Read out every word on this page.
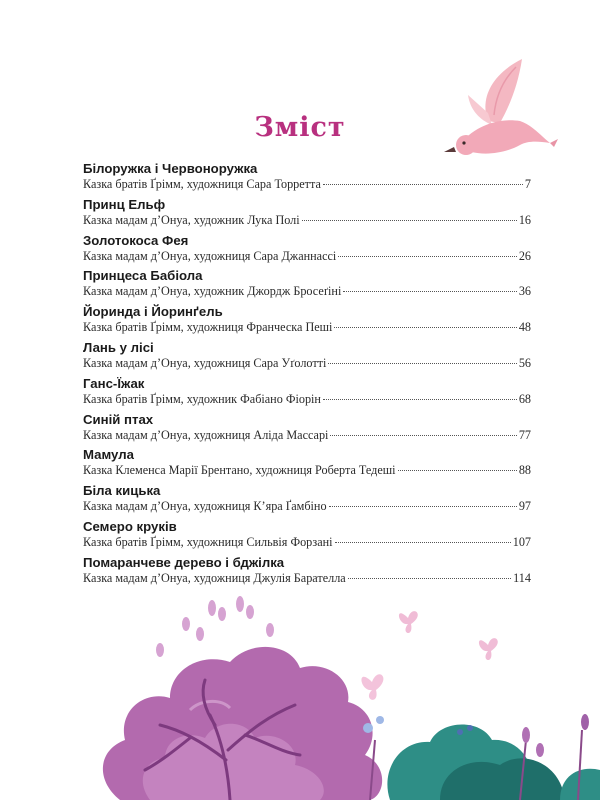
Зміст
Білоружка і Червоноружка
Казка братів Ґрімм, художниця Сара Торретта	7
Принц Ельф
Казка мадам д’Онуа, художник Лука Полі	16
Золотокоса Фея
Казка мадам д’Онуа, художниця Сара Джаннассі	26
Принцеса Бабіола
Казка мадам д’Онуа, художник Джордж Бросеґіні	36
Йоринда і Йоринґель
Казка братів Ґрімм, художниця Франческа Пеші	48
Лань у лісі
Казка мадам д’Онуа, художниця Сара Уґолотті	56
Ганс-Їжак
Казка братів Ґрімм, художник Фабіано Фіорін	68
Синій птах
Казка мадам д’Онуа, художниця Аліда Массарі	77
Мамула
Казка Клеменса Марії Брентано, художниця Роберта Тедеші	88
Біла кицька
Казка мадам д’Онуа, художниця К’яра Ґамбіно	97
Семеро круків
Казка братів Ґрімм, художниця Сильвія Форзані	107
Помаранчеве дерево і бджілка
Казка мадам д’Онуа, художниця Джулія Барателла	114
